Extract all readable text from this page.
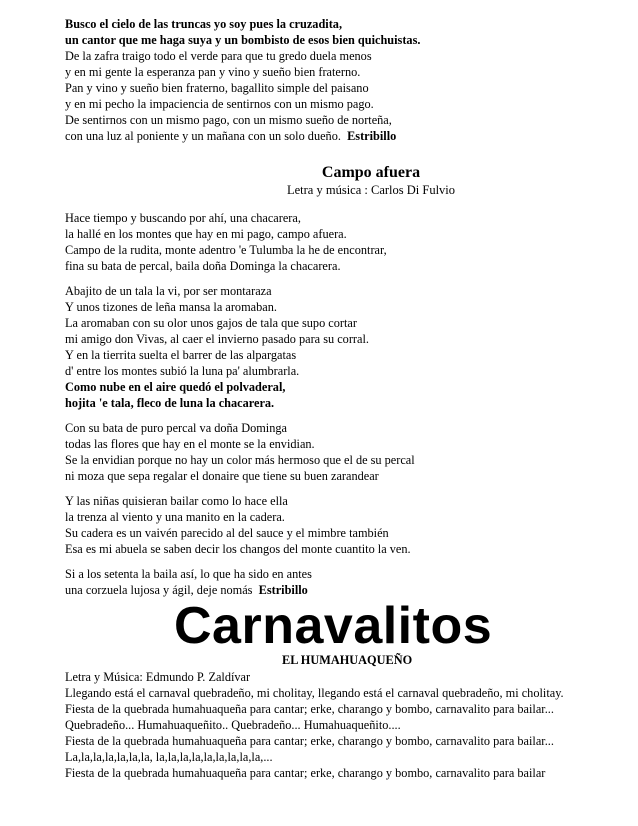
Busco el cielo de las truncas yo soy pues la cruzadita,
un cantor que me haga suya y un bombisto de esos bien quichuistas.
De la zafra traigo todo el verde para que tu gredo duela menos
y en mi gente la esperanza pan y vino y sueño bien fraterno.
Pan y vino y sueño bien fraterno, bagallito simple del paisano
y en mi pecho la impaciencia de sentirnos con un mismo pago.
De sentirnos con un mismo pago, con un mismo sueño de norteña,
con una luz al poniente y un mañana con un solo dueño. Estribillo
Campo afuera
Letra y música : Carlos Di Fulvio
Hace tiempo y buscando por ahí, una chacarera,
la hallé en los montes que hay en mi pago, campo afuera.
Campo de la rudita, monte adentro 'e Tulumba la he de encontrar,
fina su bata de percal, baila doña Dominga la chacarera.
Abajito de un tala la vi, por ser montaraza
Y unos tizones de leña mansa la aromaban.
La aromaban con su olor unos gajos de tala que supo cortar
mi amigo don Vivas, al caer el invierno pasado para su corral.
Y en la tierrita suelta el barrer de las alpargatas
d' entre los montes subió la luna pa' alumbrarla.
Como nube en el aire quedó el polvaderal,
hojita 'e tala, fleco de luna la chacarera.
Con su bata de puro percal va doña Dominga
todas las flores que hay en el monte se la envidian.
Se la envidian porque no hay un color más hermoso que el de su percal
ni moza que sepa regalar el donaire que tiene su buen zarandear
Y las niñas quisieran bailar como lo hace ella
la trenza al viento y una manito en la cadera.
Su cadera es un vaivén parecido al del sauce y el mimbre también
Esa es mi abuela se saben decir los changos del monte cuantito la ven.
Si a los setenta la baila así, lo que ha sido en antes
una corzuela lujosa y ágil, deje nomás Estribillo
Carnavalitos
EL HUMAHUAQUEÑO
Letra y Música: Edmundo P. Zaldívar
Llegando está el carnaval quebradeño, mi cholitay, llegando está el carnaval quebradeño, mi cholitay.
Fiesta de la quebrada humahuaqueña para cantar; erke, charango y bombo, carnavalito para bailar...
Quebradeño... Humahuaqueñito.. Quebradeño... Humahuaqueñito....
Fiesta de la quebrada humahuaqueña para cantar; erke, charango y bombo, carnavalito para bailar...
La,la,la,la,la,la,la, la,la,la,la,la,la,la,la,la,...
Fiesta de la quebrada humahuaqueña para cantar; erke, charango y bombo, carnavalito para bailar
